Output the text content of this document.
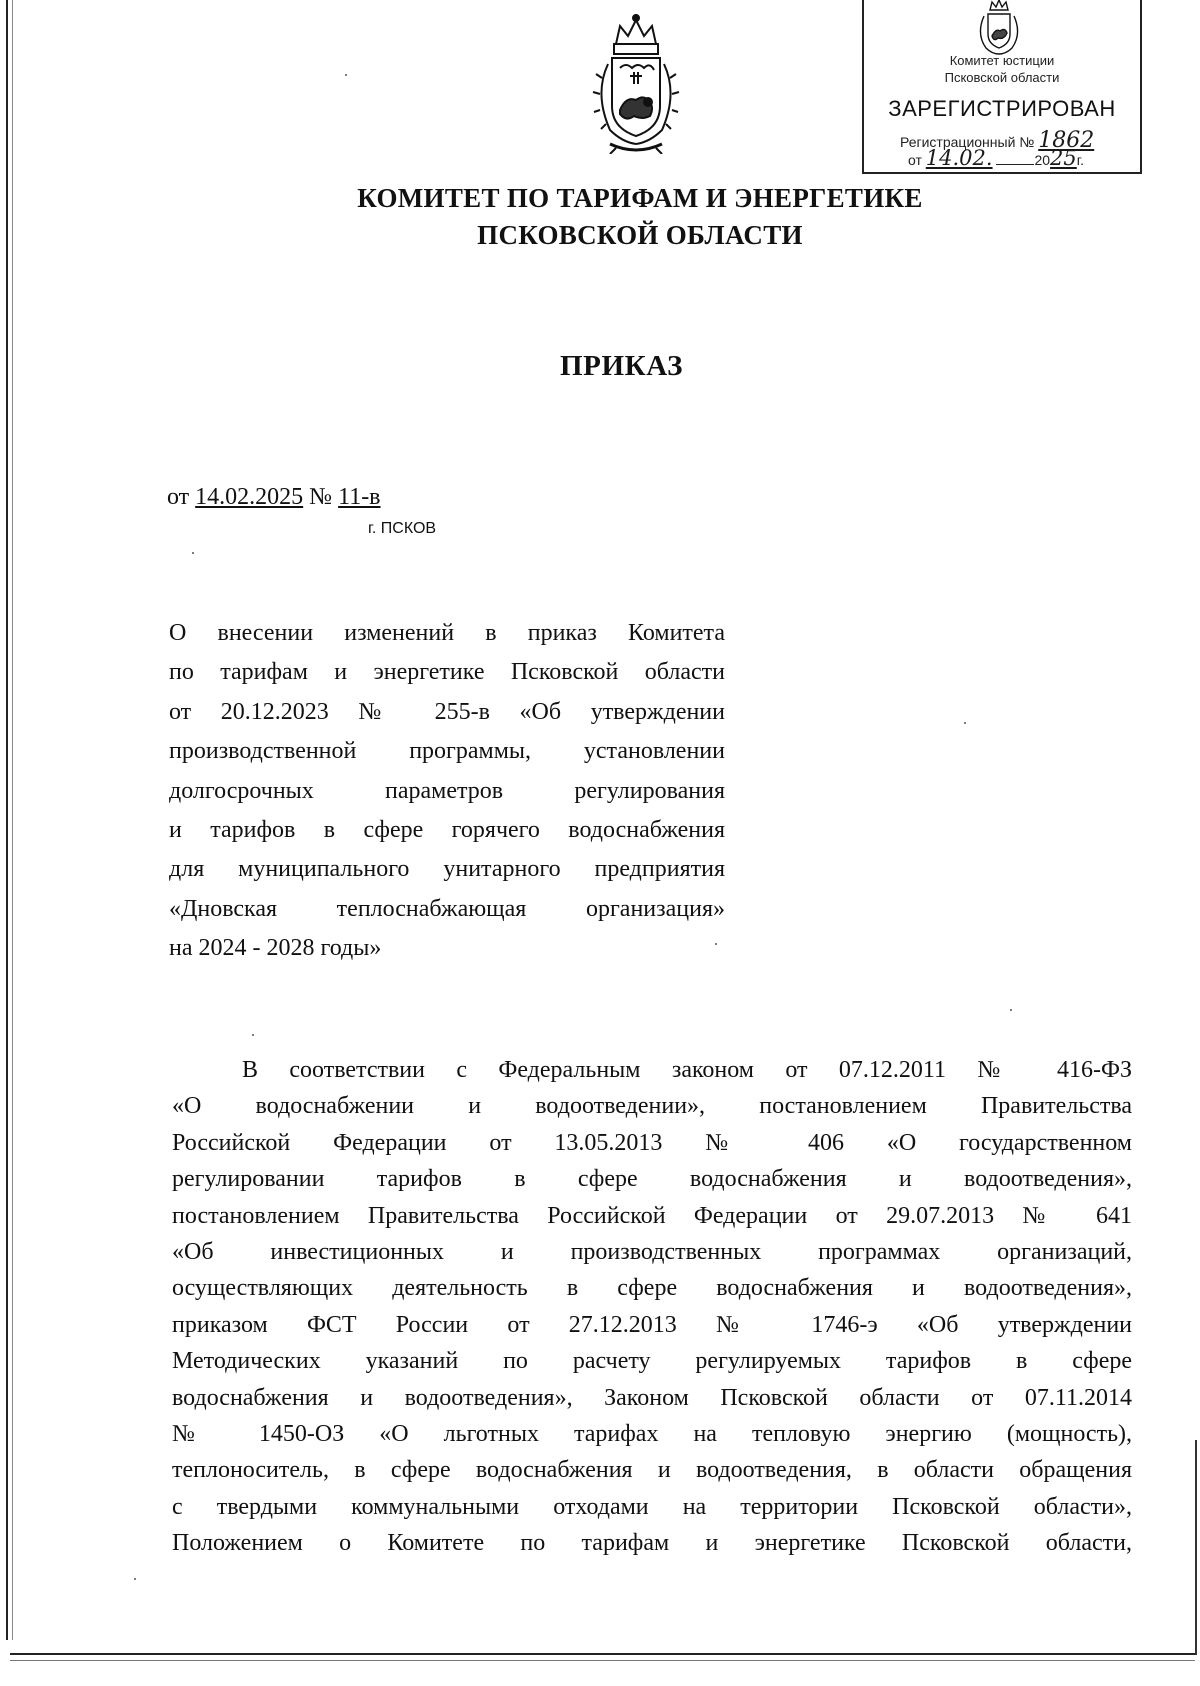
Комитет юстиции
Псковской области
ЗАРЕГИСТРИРОВАН
Регистрационный № 1862
от 14.02.	2025г.
КОМИТЕТ ПО ТАРИФАМ И ЭНЕРГЕТИКЕ
ПСКОВСКОЙ ОБЛАСТИ
ПРИКАЗ
от 14.02.2025 № 11-в
г. ПСКОВ
О внесении изменений в приказ Комитета
по тарифам и энергетике Псковской области
от 20.12.2023 № 255-в «Об утверждении
производственной программы, установлении
долгосрочных параметров регулирования
и тарифов в сфере горячего водоснабжения
для муниципального унитарного предприятия
«Дновская теплоснабжающая организация»
на 2024 - 2028 годы»
В соответствии с Федеральным законом от 07.12.2011 № 416-ФЗ
«О водоснабжении и водоотведении», постановлением Правительства
Российской Федерации от 13.05.2013 № 406 «О государственном
регулировании тарифов в сфере водоснабжения и водоотведения»,
постановлением Правительства Российской Федерации от 29.07.2013 № 641
«Об инвестиционных и производственных программах организаций,
осуществляющих деятельность в сфере водоснабжения и водоотведения»,
приказом ФСТ России от 27.12.2013 № 1746-э «Об утверждении
Методических указаний по расчету регулируемых тарифов в сфере
водоснабжения и водоотведения», Законом Псковской области от 07.11.2014
№ 1450-ОЗ «О льготных тарифах на тепловую энергию (мощность),
теплоноситель, в сфере водоснабжения и водоотведения, в области обращения
с твердыми коммунальными отходами на территории Псковской области»,
Положением о Комитете по тарифам и энергетике Псковской области,
